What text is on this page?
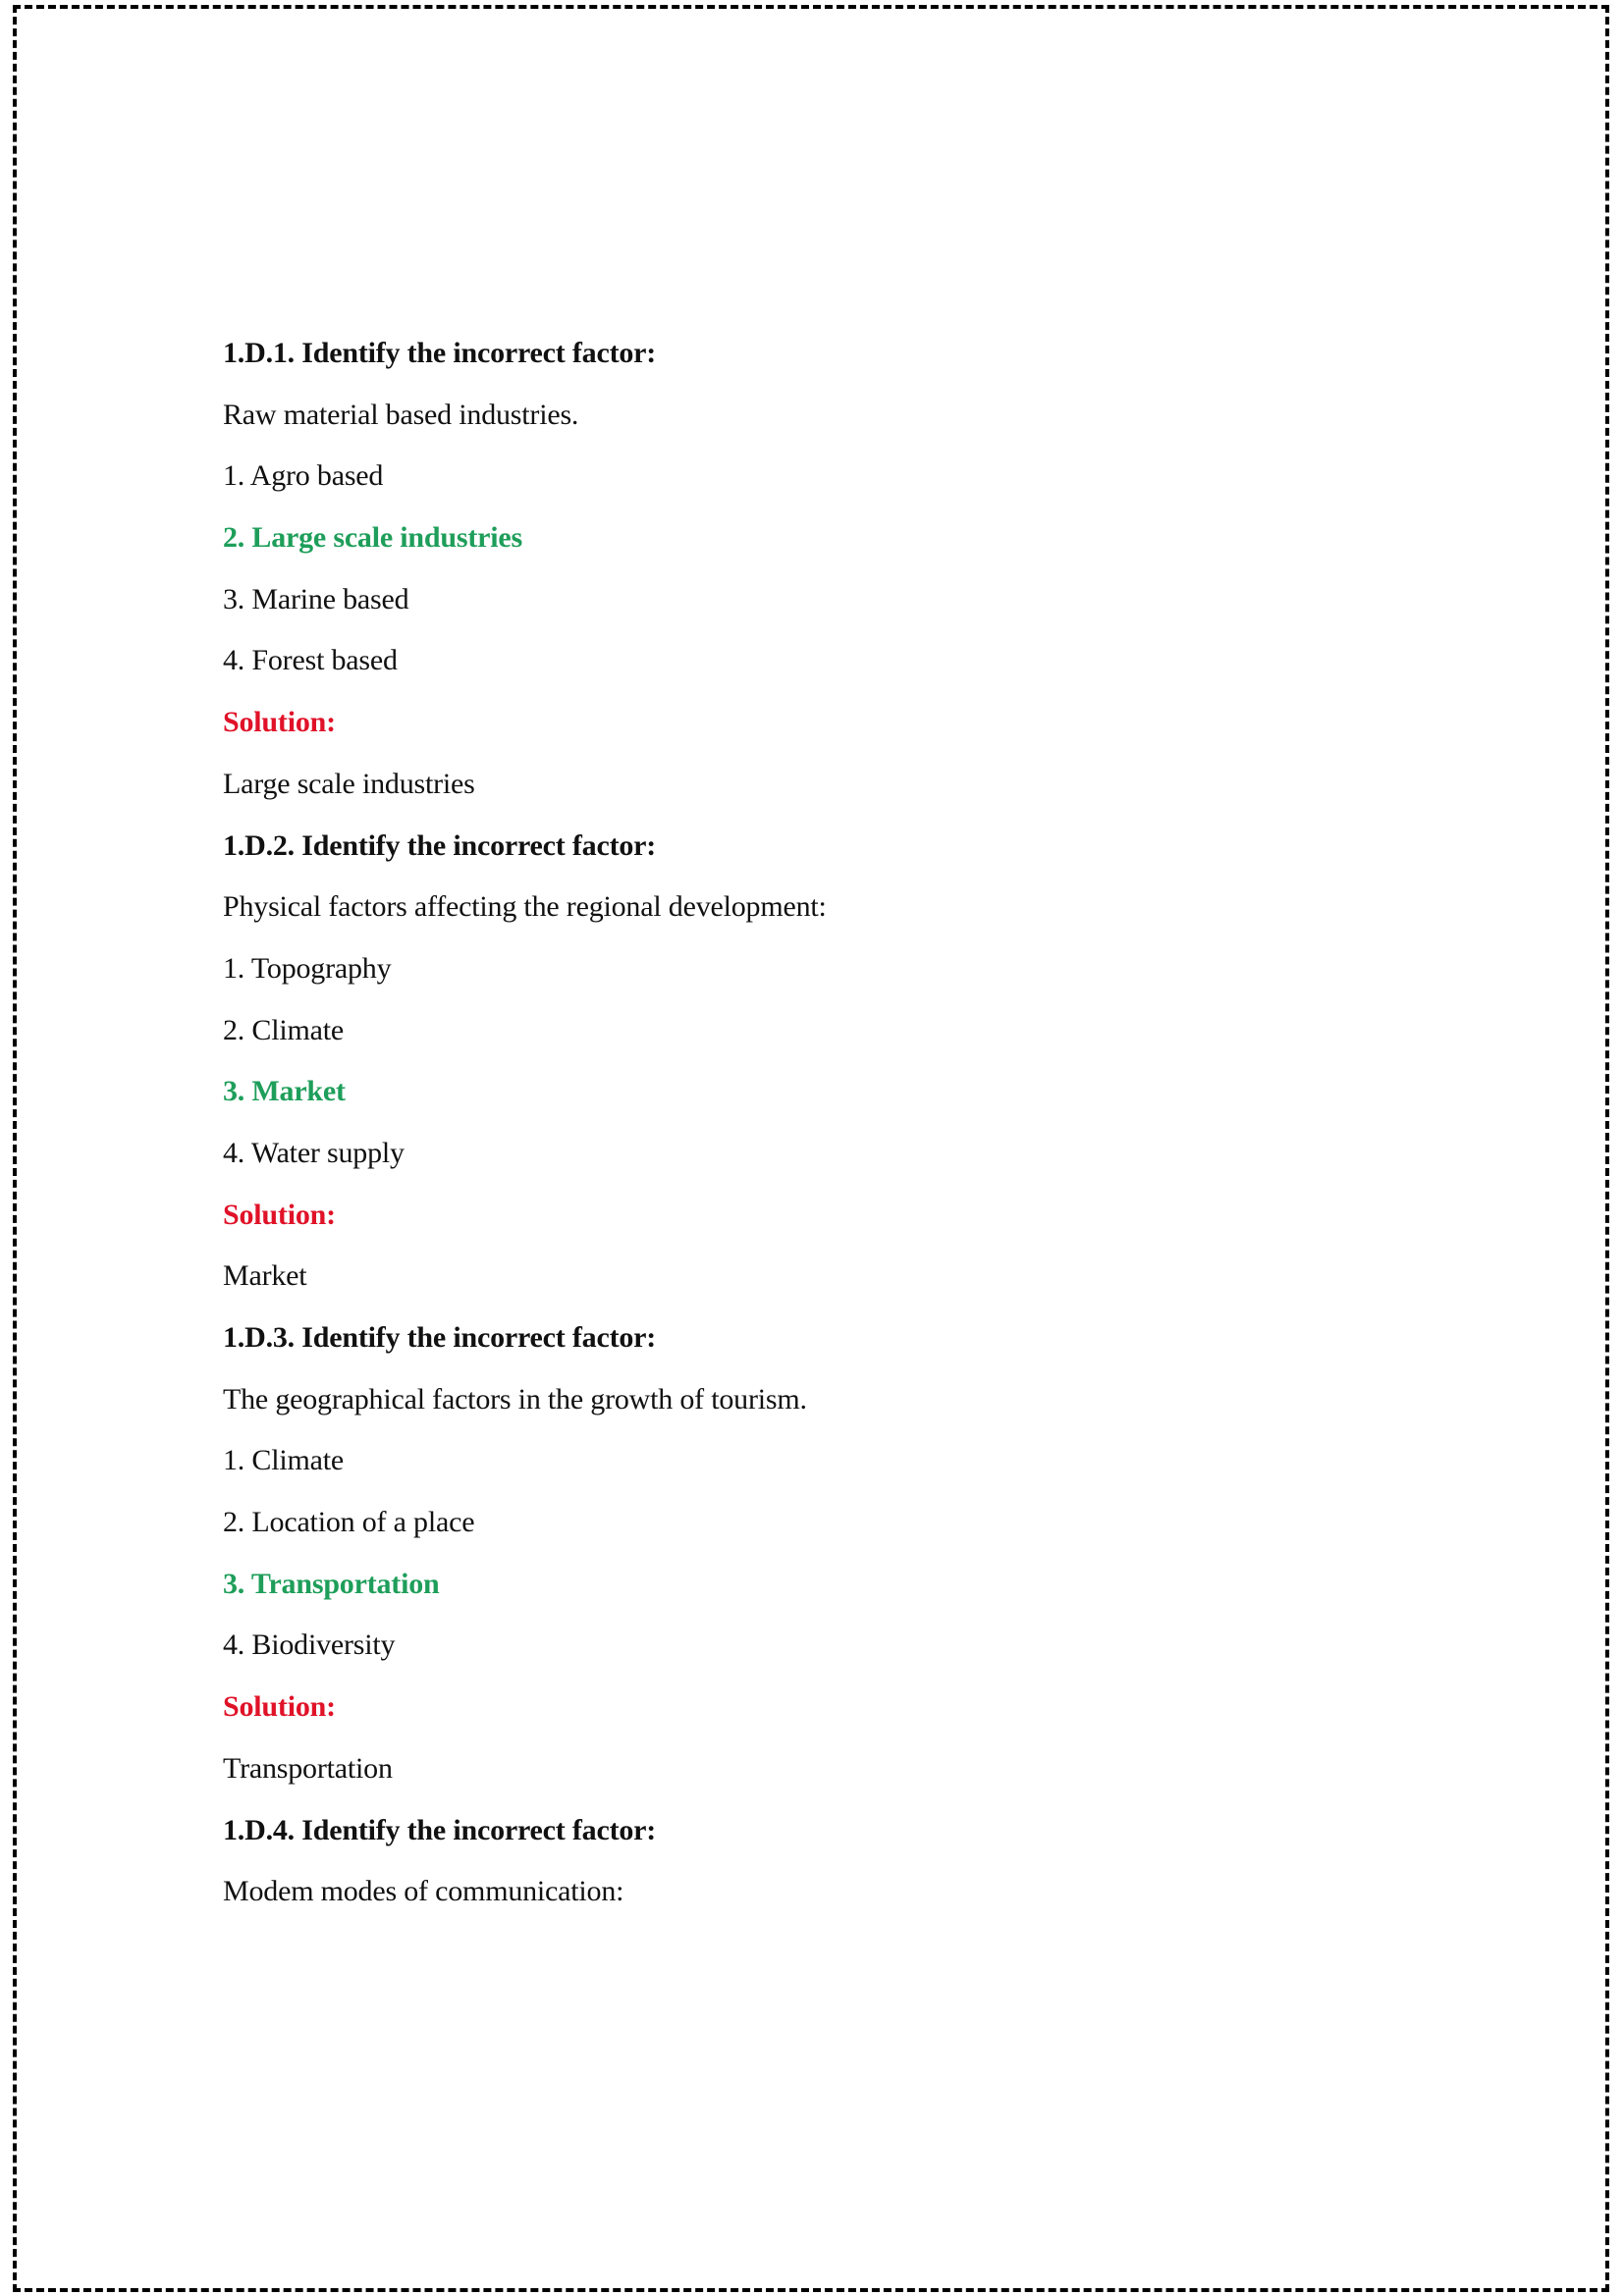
1.D.1. Identify the incorrect factor:
Raw material based industries.
1. Agro based
2. Large scale industries
3. Marine based
4. Forest based
Solution:
Large scale industries
1.D.2. Identify the incorrect factor:
Physical factors affecting the regional development:
1. Topography
2. Climate
3. Market
4. Water supply
Solution:
Market
1.D.3. Identify the incorrect factor:
The geographical factors in the growth of tourism.
1. Climate
2. Location of a place
3. Transportation
4. Biodiversity
Solution:
Transportation
1.D.4. Identify the incorrect factor:
Modem modes of communication:
